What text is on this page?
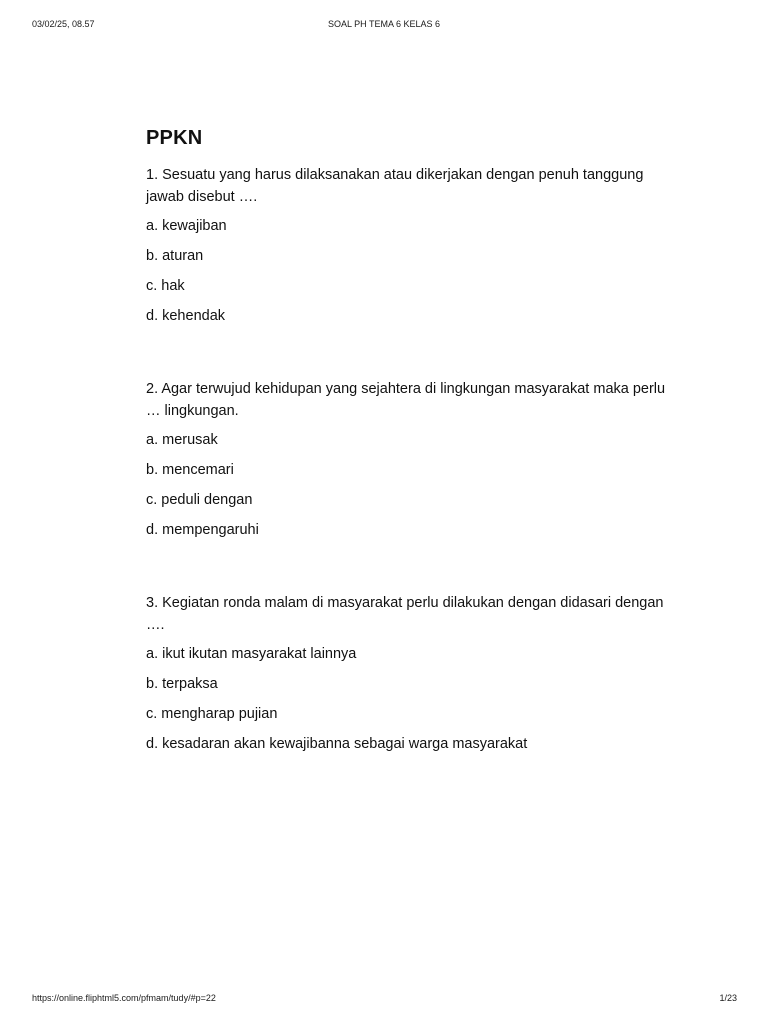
03/02/25, 08.57	SOAL PH TEMA 6 KELAS 6
PPKN
1. Sesuatu yang harus dilaksanakan atau dikerjakan dengan penuh tanggung jawab disebut ….
a. kewajiban
b. aturan
c. hak
d. kehendak
2. Agar terwujud kehidupan yang sejahtera di lingkungan masyarakat maka perlu … lingkungan.
a. merusak
b. mencemari
c. peduli dengan
d. mempengaruhi
3. Kegiatan ronda malam di masyarakat perlu dilakukan dengan didasari dengan ….
a. ikut ikutan masyarakat lainnya
b. terpaksa
c. mengharap pujian
d. kesadaran akan kewajibanna sebagai warga masyarakat
https://online.fliphtml5.com/pfmam/tudy/#p=22	1/23
